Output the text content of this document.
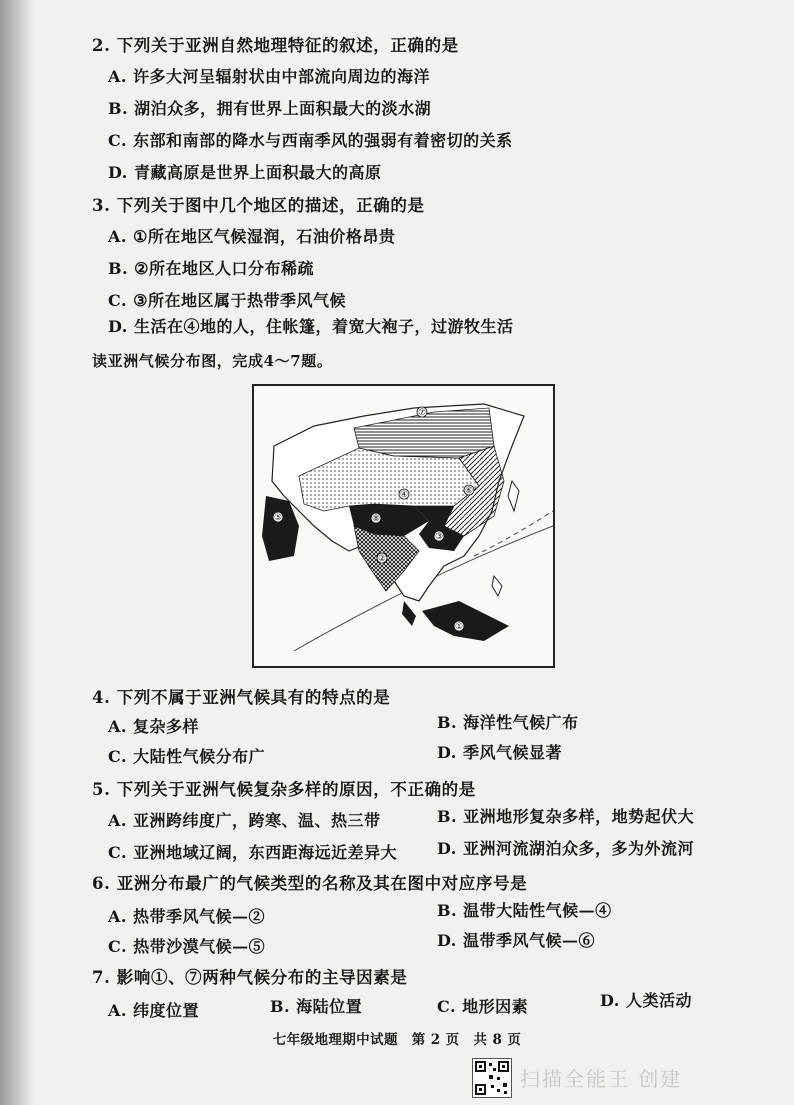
2. 下列关于亚洲自然地理特征的叙述，正确的是
A. 许多大河呈辐射状由中部流向周边的海洋
B. 湖泊众多，拥有世界上面积最大的淡水湖
C. 东部和南部的降水与西南季风的强弱有着密切的关系
D. 青藏高原是世界上面积最大的高原
3. 下列关于图中几个地区的描述，正确的是
A. ①所在地区气候湿润，石油价格昂贵
B. ②所在地区人口分布稀疏
C. ③所在地区属于热带季风气候
D. 生活在④地的人，住帐篷，着宽大袍子，过游牧生活
读亚洲气候分布图，完成4～7题。
⑦
④	⑥
⑧
③
②
⑤
①
4. 下列不属于亚洲气候具有的特点的是
A. 复杂多样	B. 海洋性气候广布
C. 大陆性气候分布广	D. 季风气候显著
5. 下列关于亚洲气候复杂多样的原因，不正确的是
A. 亚洲跨纬度广，跨寒、温、热三带	B. 亚洲地形复杂多样，地势起伏大
C. 亚洲地域辽阔，东西距海远近差异大 D. 亚洲河流湖泊众多，多为外流河
6. 亚洲分布最广的气候类型的名称及其在图中对应序号是
A. 热带季风气候—②	B. 温带大陆性气候—④
C. 热带沙漠气候—⑤	D. 温带季风气候—⑥
7. 影响①、⑦两种气候分布的主导因素是
A. 纬度位置	B. 海陆位置	C. 地形因素	D. 人类活动
七年级地理期中试题　第 2 页　共 8 页
扫描全能王 创建
